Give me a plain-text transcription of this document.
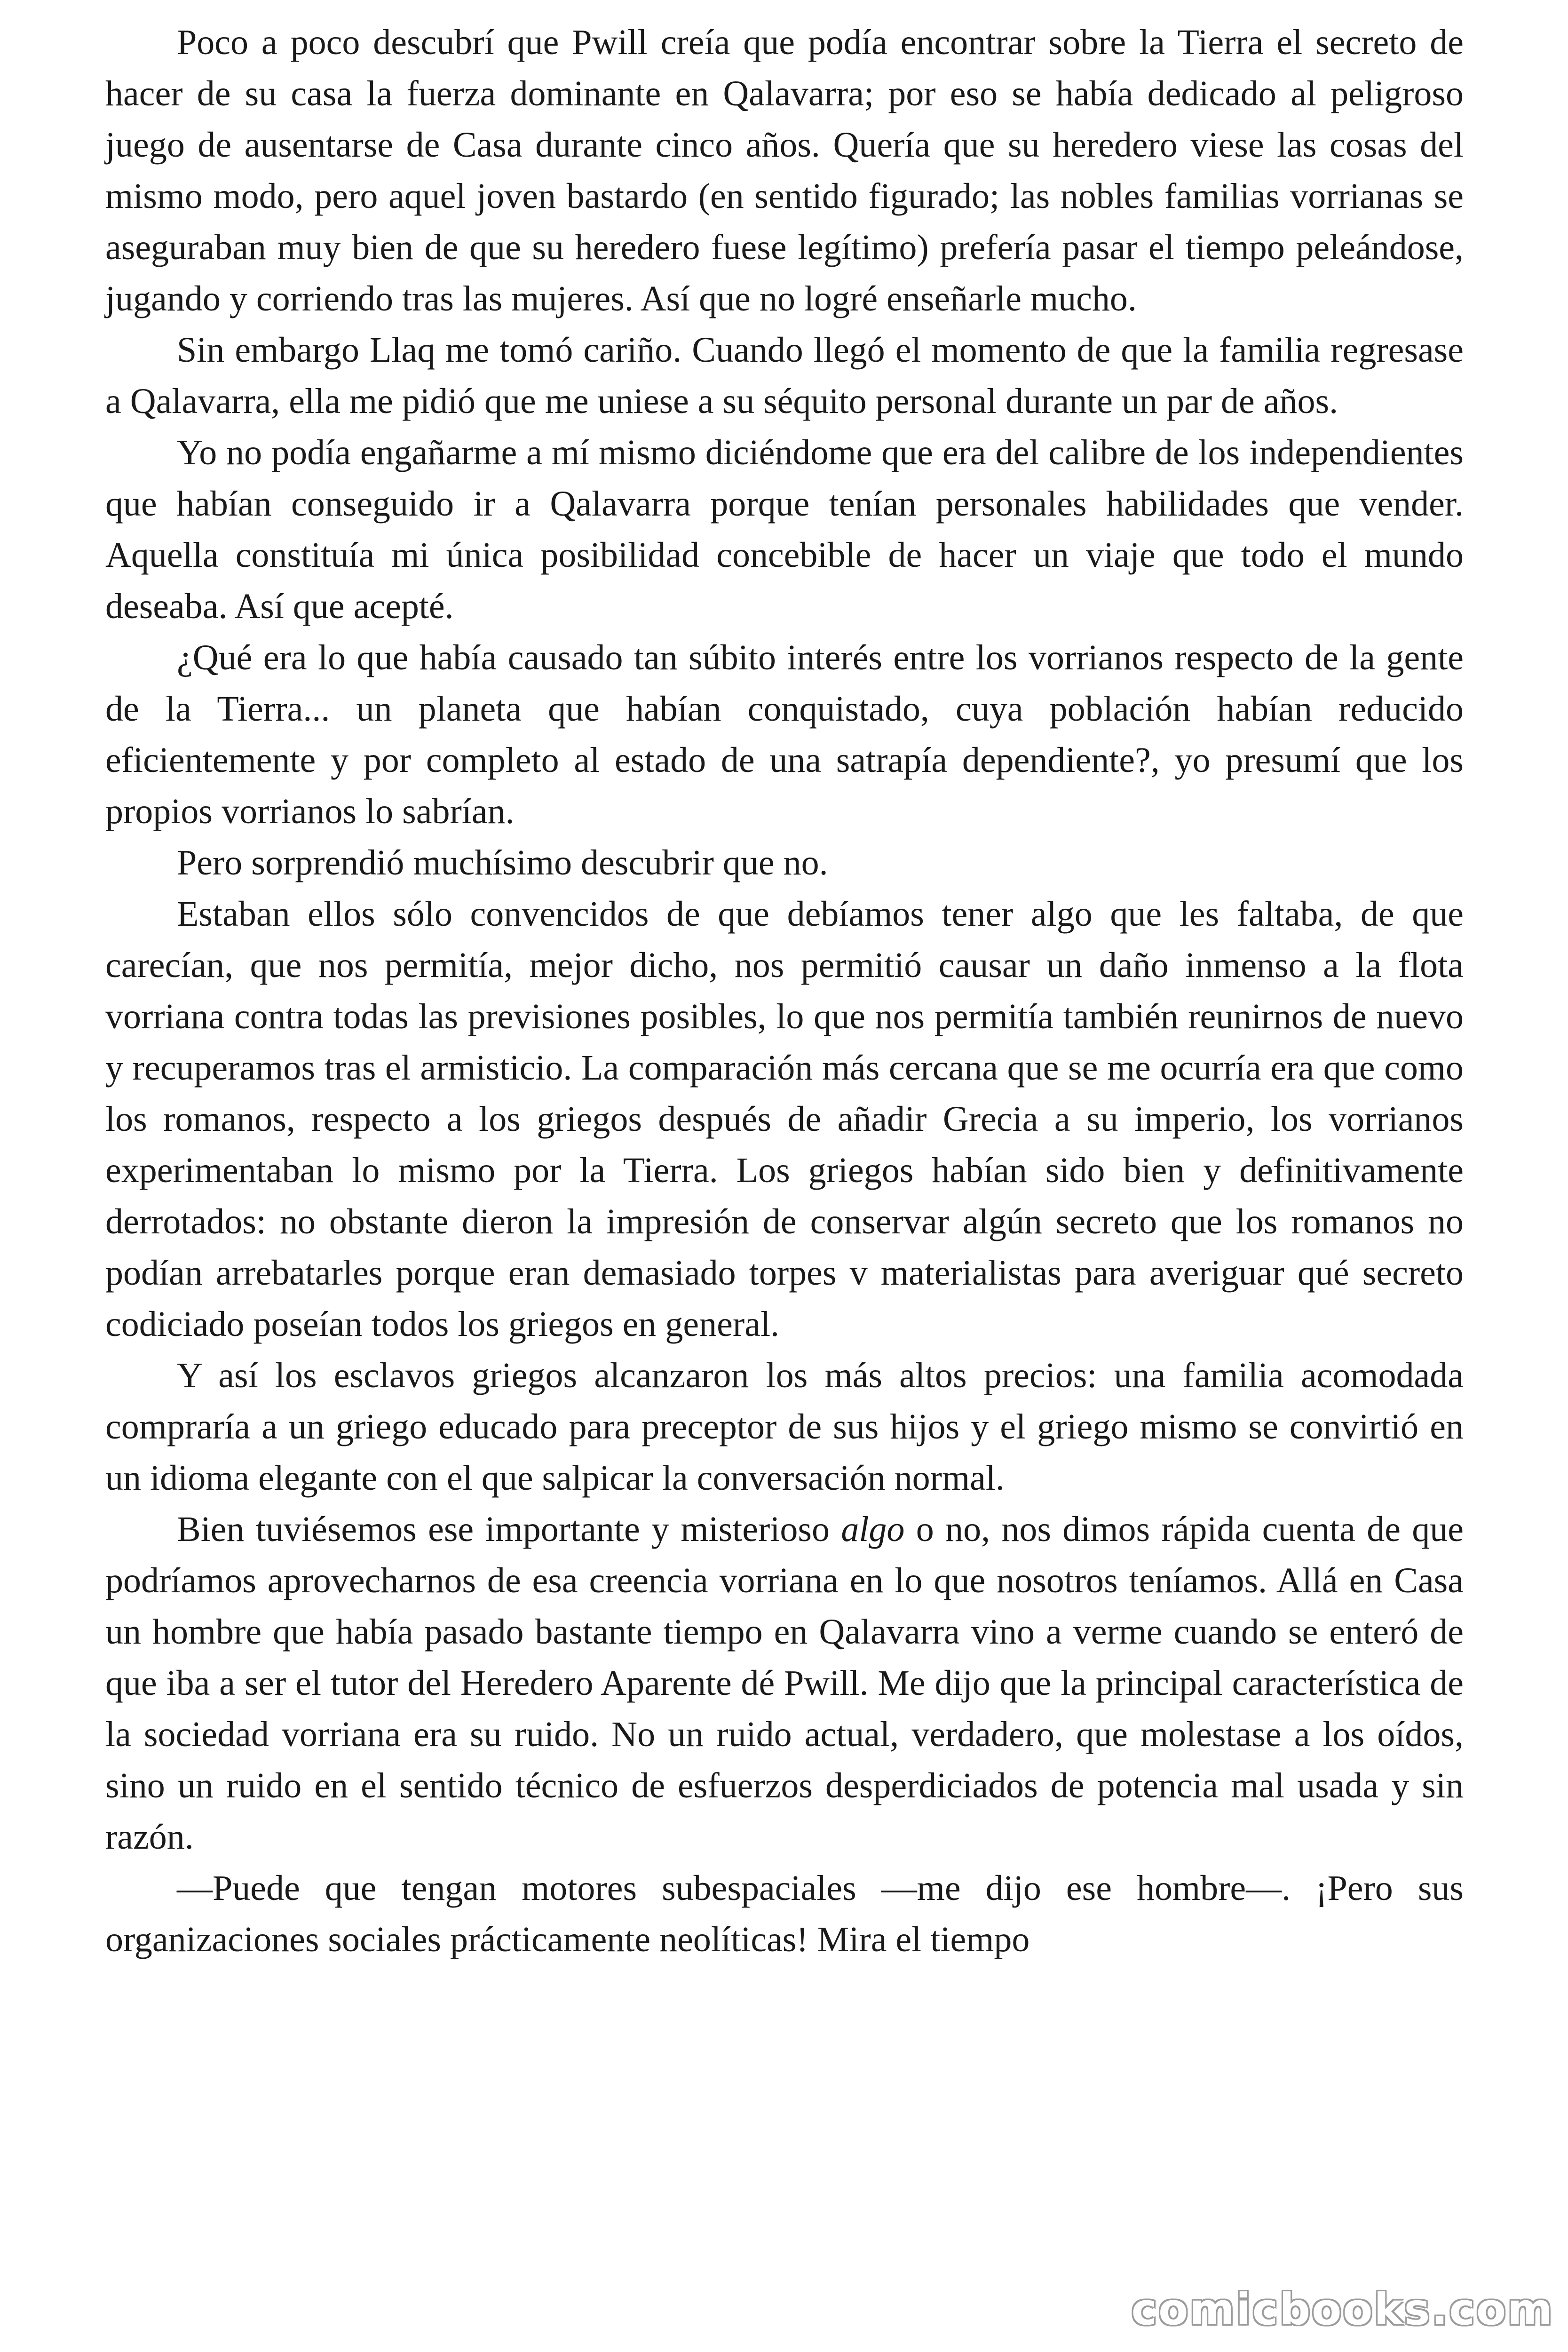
Poco a poco descubrí que Pwill creía que podía encontrar sobre la Tierra el secreto de hacer de su casa la fuerza dominante en Qalavarra; por eso se había dedicado al peligroso juego de ausentarse de Casa durante cinco años. Quería que su heredero viese las cosas del mismo modo, pero aquel joven bastardo (en sentido figurado; las nobles familias vorrianas se aseguraban muy bien de que su heredero fuese legítimo) prefería pasar el tiempo peleándose, jugando y corriendo tras las mujeres. Así que no logré enseñarle mucho.

Sin embargo Llaq me tomó cariño. Cuando llegó el momento de que la familia regresase a Qalavarra, ella me pidió que me uniese a su séquito personal durante un par de años.

Yo no podía engañarme a mí mismo diciéndome que era del calibre de los independientes que habían conseguido ir a Qalavarra porque tenían personales habilidades que vender. Aquella constituía mi única posibilidad concebible de hacer un viaje que todo el mundo deseaba. Así que acepté.

¿Qué era lo que había causado tan súbito interés entre los vorrianos respecto de la gente de la Tierra... un planeta que habían conquistado, cuya población habían reducido eficientemente y por completo al estado de una satrapía dependiente?, yo presumí que los propios vorrianos lo sabrían.

Pero sorprendió muchísimo descubrir que no.

Estaban ellos sólo convencidos de que debíamos tener algo que les faltaba, de que carecían, que nos permitía, mejor dicho, nos permitió causar un daño inmenso a la flota vorriana contra todas las previsiones posibles, lo que nos permitía también reunirnos de nuevo y recuperamos tras el armisticio. La comparación más cercana que se me ocurría era que como los romanos, respecto a los griegos después de añadir Grecia a su imperio, los vorrianos experimentaban lo mismo por la Tierra. Los griegos habían sido bien y definitivamente derrotados: no obstante dieron la impresión de conservar algún secreto que los romanos no podían arrebatarles porque eran demasiado torpes v materialistas para averiguar qué secreto codiciado poseían todos los griegos en general.

Y así los esclavos griegos alcanzaron los más altos precios: una familia acomodada compraría a un griego educado para preceptor de sus hijos y el griego mismo se convirtió en un idioma elegante con el que salpicar la conversación normal.

Bien tuviésemos ese importante y misterioso algo o no, nos dimos rápida cuenta de que podríamos aprovecharnos de esa creencia vorriana en lo que nosotros teníamos. Allá en Casa un hombre que había pasado bastante tiempo en Qalavarra vino a verme cuando se enteró de que iba a ser el tutor del Heredero Aparente dé Pwill. Me dijo que la principal característica de la sociedad vorriana era su ruido. No un ruido actual, verdadero, que molestase a los oídos, sino un ruido en el sentido técnico de esfuerzos desperdiciados de potencia mal usada y sin razón.

—Puede que tengan motores subespaciales —me dijo ese hombre—. ¡Pero sus organizaciones sociales prácticamente neolíticas! Mira el tiempo

comicbooks.com
